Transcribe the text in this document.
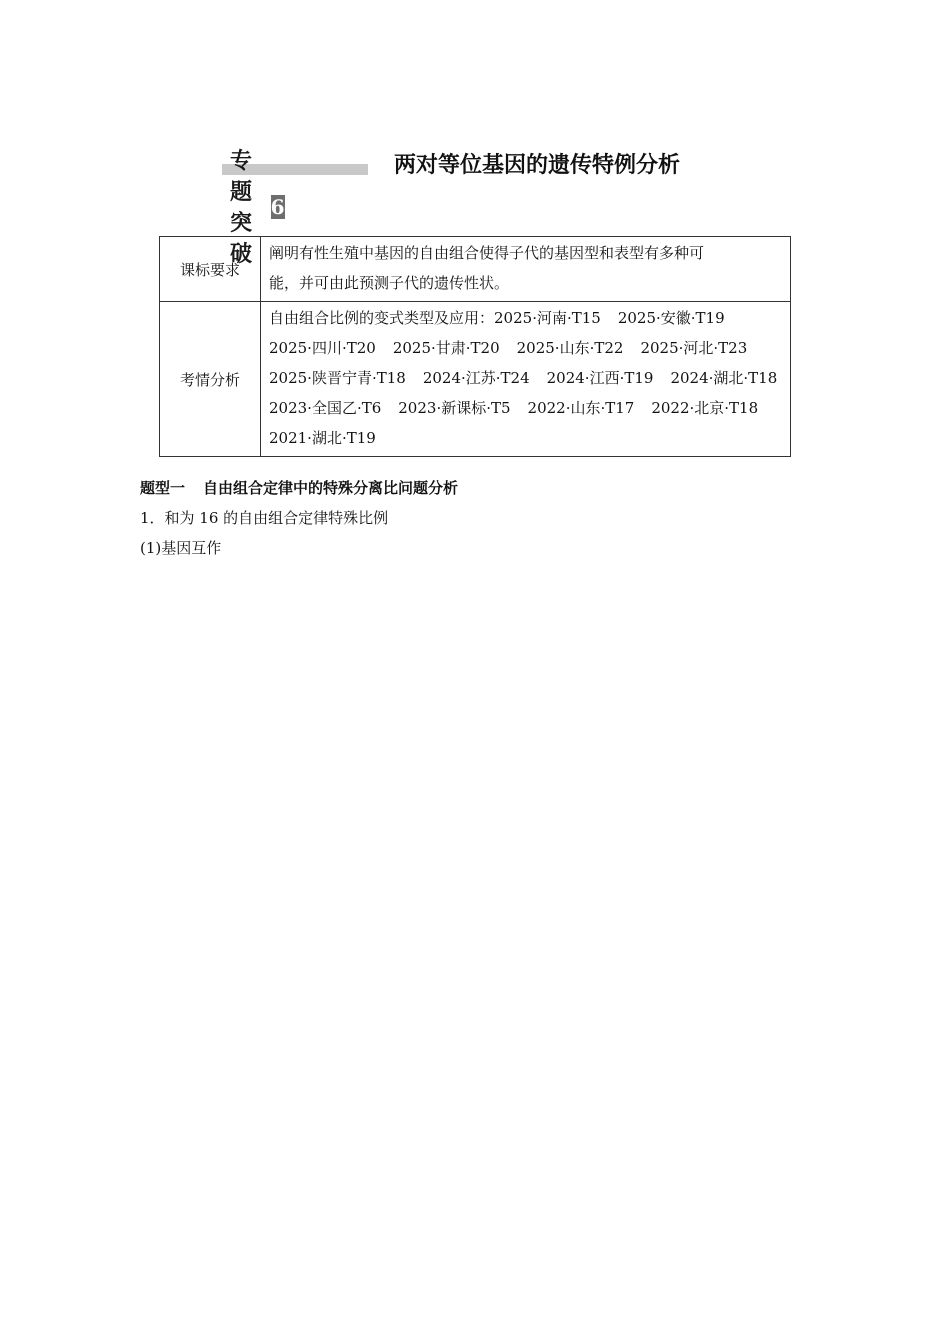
专题突破
6
两对等位基因的遗传特例分析
课标要求	阐明有性生殖中基因的自由组合使得子代的基因型和表型有多种可
能，并可由此预测子代的遗传性状。

考情分析	自由组合比例的变式类型及应用：2025·河南·T15 2025·安徽·T19
2025·四川·T20 2025·甘肃·T20 2025·山东·T22 2025·河北·T23
2025·陕晋宁青·T18 2024·江苏·T24 2024·江西·T19 2024·湖北·T18
2023·全国乙·T6 2023·新课标·T5 2022·山东·T17 2022·北京·T18
2021·湖北·T19
题型一 自由组合定律中的特殊分离比问题分析
1．和为 16 的自由组合定律特殊比例
(1)基因互作
